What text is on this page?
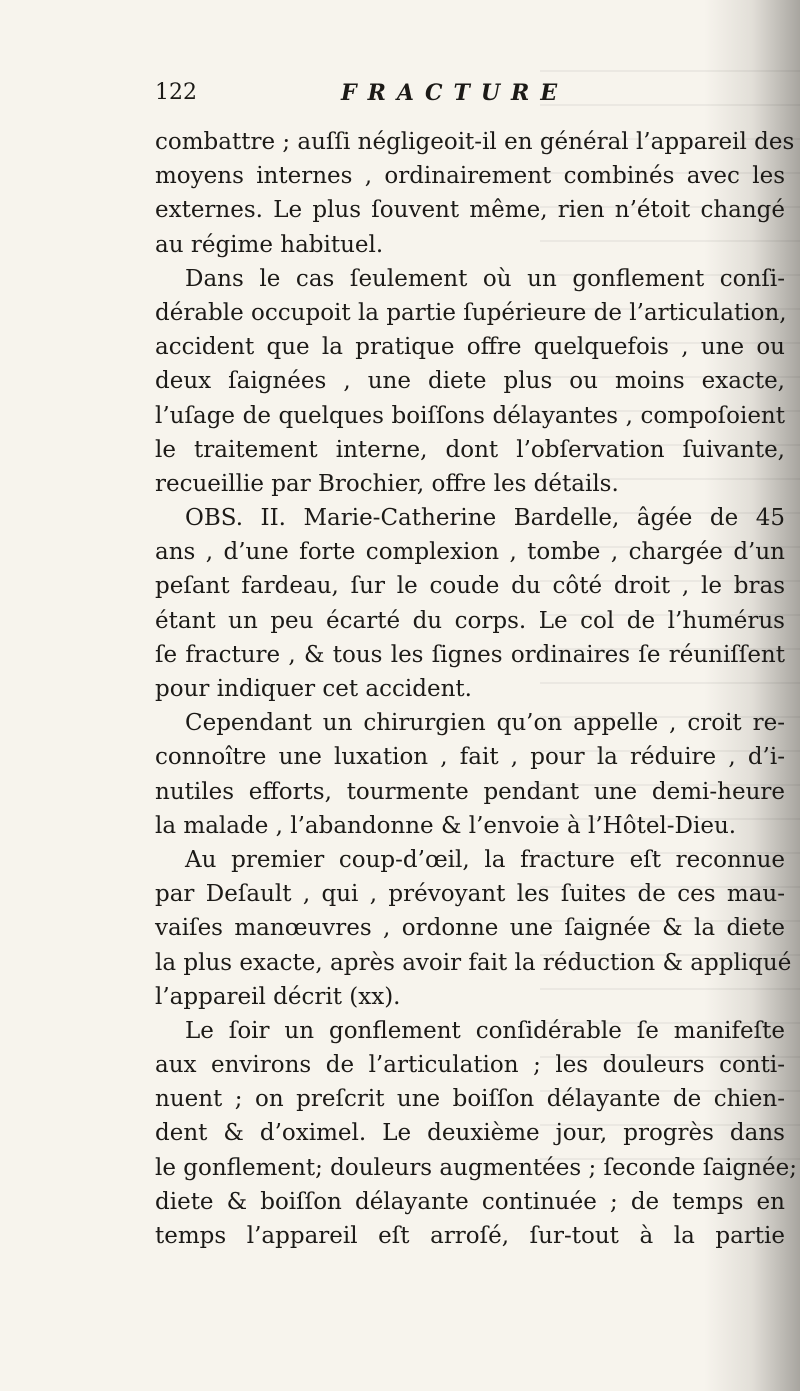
122	FRACTURE
combattre ; auſſi négligeoit-il en général l’appareil des
moyens internes , ordinairement combinés avec les
externes. Le plus ſouvent même, rien n’étoit changé
au régime habituel.
Dans le cas ſeulement où un gonflement conſi-
dérable occupoit la partie ſupérieure de l’articulation,
accident que la pratique offre quelquefois , une ou
deux ſaignées , une diete plus ou moins exacte,
l’uſage de quelques boiſſons délayantes , compoſoient
le traitement interne, dont l’obſervation ſuivante,
recueillie par Brochier, offre les détails.
OBS. II. Marie-Catherine Bardelle, âgée de 45
ans , d’une forte complexion , tombe , chargée d’un
peſant fardeau, ſur le coude du côté droit , le bras
étant un peu écarté du corps. Le col de l’humérus
ſe fracture , & tous les ſignes ordinaires ſe réuniſſent
pour indiquer cet accident.
Cependant un chirurgien qu’on appelle , croit re-
connoître une luxation , fait , pour la réduire , d’i-
nutiles efforts, tourmente pendant une demi-heure
la malade , l’abandonne & l’envoie à l’Hôtel-Dieu.
Au premier coup-d’œil, la fracture eſt reconnue
par Deſault , qui , prévoyant les ſuites de ces mau-
vaiſes manœuvres , ordonne une ſaignée & la diete
la plus exacte, après avoir fait la réduction & appliqué
l’appareil décrit (xx).
Le ſoir un gonflement conſidérable ſe manifeſte
aux environs de l’articulation ; les douleurs conti-
nuent ; on preſcrit une boiſſon délayante de chien-
dent & d’oximel. Le deuxième jour, progrès dans
le gonflement; douleurs augmentées ; ſeconde ſaignée;
diete & boiſſon délayante continuée ; de temps en
temps l’appareil eſt arroſé, ſur-tout à la partie
